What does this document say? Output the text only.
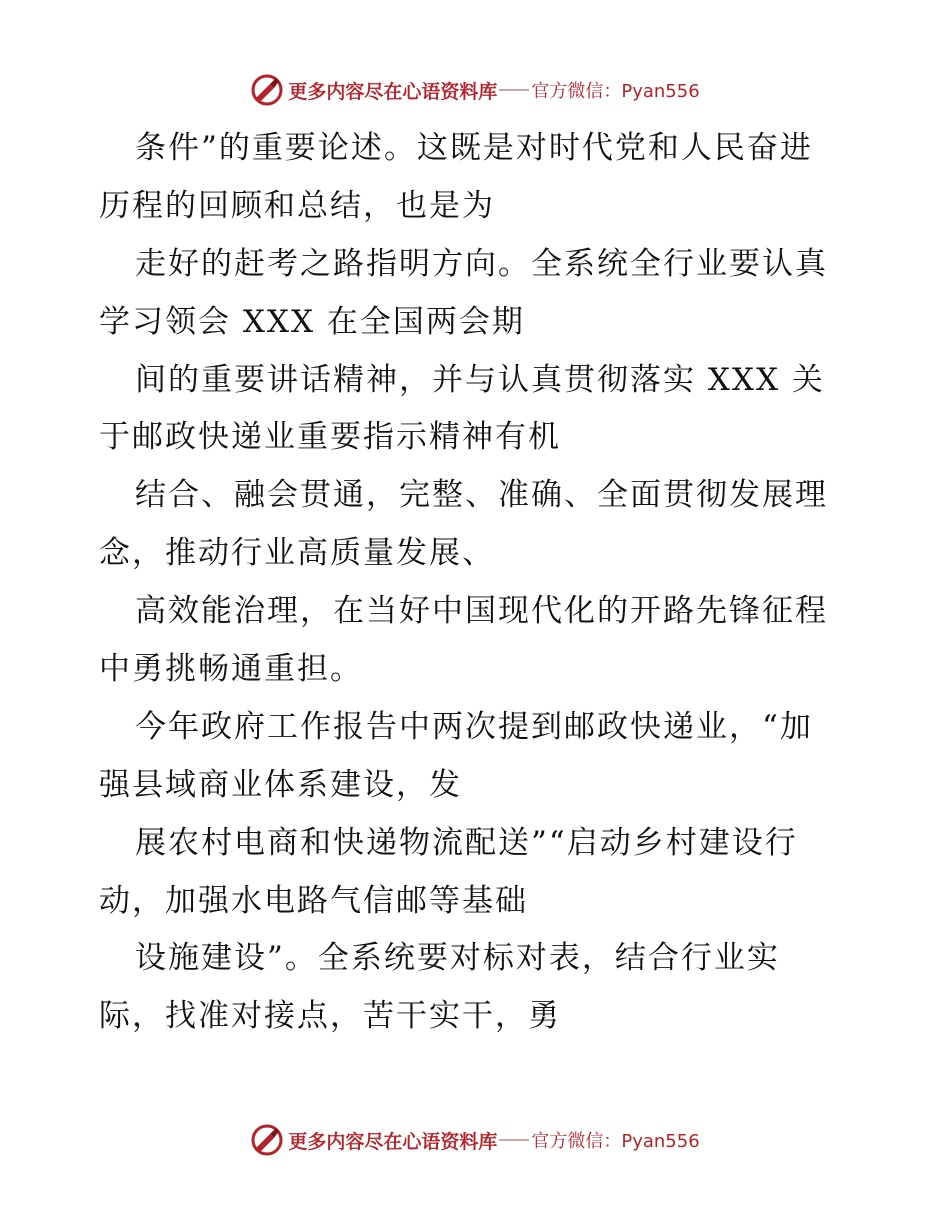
更多内容尽在心语资料库 官方微信：Pyan556
条件”的重要论述。这既是对时代党和人民奋进
历程的回顾和总结，也是为
走好的赶考之路指明方向。全系统全行业要认真
学习领会 XXX 在全国两会期
间的重要讲话精神，并与认真贯彻落实 XXX 关
于邮政快递业重要指示精神有机
结合、融会贯通，完整、准确、全面贯彻发展理
念，推动行业高质量发展、
高效能治理，在当好中国现代化的开路先锋征程
中勇挑畅通重担。
今年政府工作报告中两次提到邮政快递业，“加
强县域商业体系建设，发
展农村电商和快递物流配送”“启动乡村建设行
动，加强水电路气信邮等基础
设施建设”。全系统要对标对表，结合行业实
际，找准对接点，苦干实干，勇
更多内容尽在心语资料库 官方微信：Pyan556
